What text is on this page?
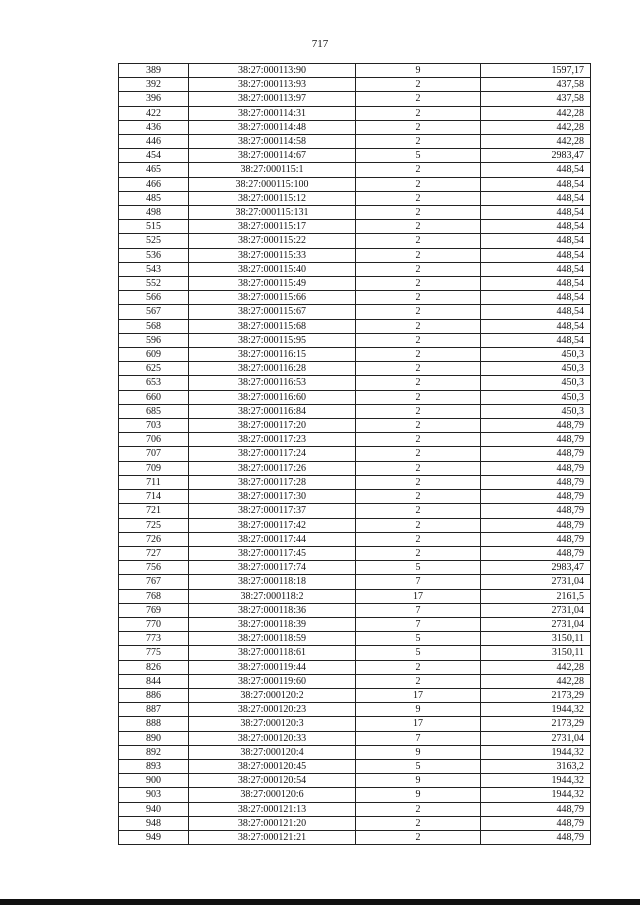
717
389	38:27:000113:90	9	1597,17
392	38:27:000113:93	2	437,58
396	38:27:000113:97	2	437,58
422	38:27:000114:31	2	442,28
436	38:27:000114:48	2	442,28
446	38:27:000114:58	2	442,28
454	38:27:000114:67	5	2983,47
465	38:27:000115:1	2	448,54
466	38:27:000115:100	2	448,54
485	38:27:000115:12	2	448,54
498	38:27:000115:131	2	448,54
515	38:27:000115:17	2	448,54
525	38:27:000115:22	2	448,54
536	38:27:000115:33	2	448,54
543	38:27:000115:40	2	448,54
552	38:27:000115:49	2	448,54
566	38:27:000115:66	2	448,54
567	38:27:000115:67	2	448,54
568	38:27:000115:68	2	448,54
596	38:27:000115:95	2	448,54
609	38:27:000116:15	2	450,3
625	38:27:000116:28	2	450,3
653	38:27:000116:53	2	450,3
660	38:27:000116:60	2	450,3
685	38:27:000116:84	2	450,3
703	38:27:000117:20	2	448,79
706	38:27:000117:23	2	448,79
707	38:27:000117:24	2	448,79
709	38:27:000117:26	2	448,79
711	38:27:000117:28	2	448,79
714	38:27:000117:30	2	448,79
721	38:27:000117:37	2	448,79
725	38:27:000117:42	2	448,79
726	38:27:000117:44	2	448,79
727	38:27:000117:45	2	448,79
756	38:27:000117:74	5	2983,47
767	38:27:000118:18	7	2731,04
768	38:27:000118:2	17	2161,5
769	38:27:000118:36	7	2731,04
770	38:27:000118:39	7	2731,04
773	38:27:000118:59	5	3150,11
775	38:27:000118:61	5	3150,11
826	38:27:000119:44	2	442,28
844	38:27:000119:60	2	442,28
886	38:27:000120:2	17	2173,29
887	38:27:000120:23	9	1944,32
888	38:27:000120:3	17	2173,29
890	38:27:000120:33	7	2731,04
892	38:27:000120:4	9	1944,32
893	38:27:000120:45	5	3163,2
900	38:27:000120:54	9	1944,32
903	38:27:000120:6	9	1944,32
940	38:27:000121:13	2	448,79
948	38:27:000121:20	2	448,79
949	38:27:000121:21	2	448,79
